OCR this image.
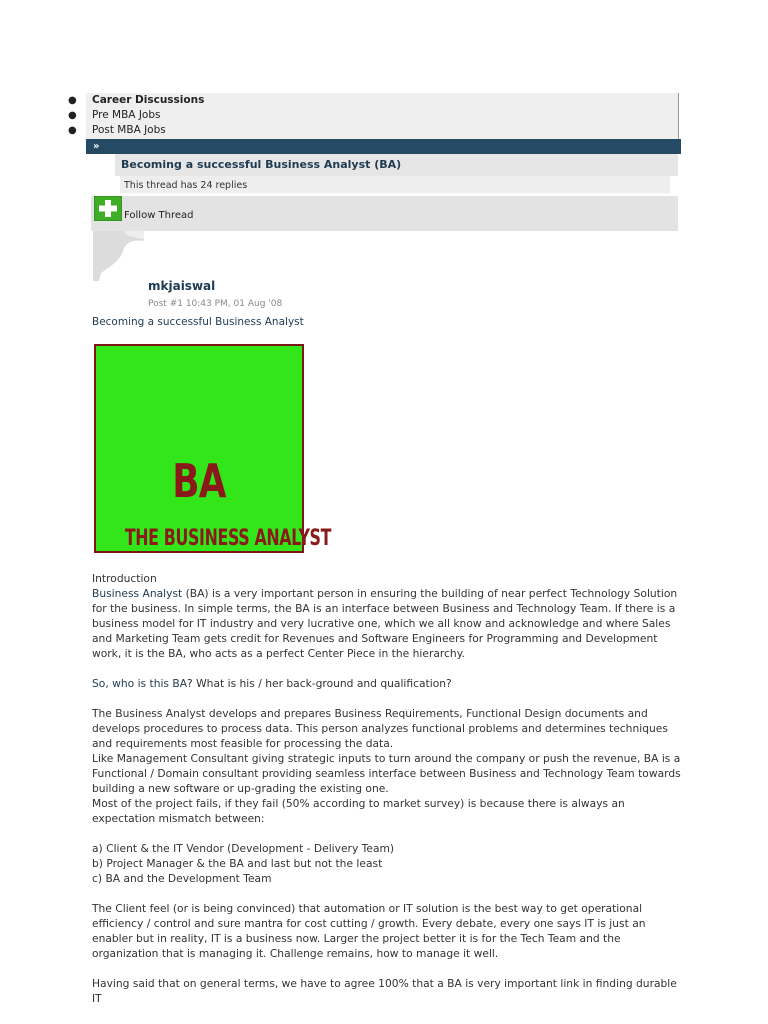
● Career Discussions
● Pre MBA Jobs
● Post MBA Jobs
»
Becoming a successful Business Analyst (BA)
This thread has 24 replies
Follow Thread
mkjaiswal
Post #1 10:43 PM, 01 Aug '08
Becoming a successful Business Analyst
BA
THE BUSINESS ANALYST
Introduction

Business Analyst (BA) is a very important person in ensuring the building of near perfect Technology Solution for the business. In simple terms, the BA is an interface between Business and Technology Team. If there is a business model for IT industry and very lucrative one, which we all know and acknowledge and where Sales and Marketing Team gets credit for Revenues and Software Engineers for Programming and Development work, it is the BA, who acts as a perfect Center Piece in the hierarchy.

So, who is this BA? What is his / her back-ground and qualification?

The Business Analyst develops and prepares Business Requirements, Functional Design documents and develops procedures to process data. This person analyzes functional problems and determines techniques and requirements most feasible for processing the data.
Like Management Consultant giving strategic inputs to turn around the company or push the revenue, BA is a Functional / Domain consultant providing seamless interface between Business and Technology Team towards building a new software or up-grading the existing one.
Most of the project fails, if they fail (50% according to market survey) is because there is always an expectation mismatch between:

a) Client & the IT Vendor (Development - Delivery Team)
b) Project Manager & the BA and last but not the least
c) BA and the Development Team

The Client feel (or is being convinced) that automation or IT solution is the best way to get operational efficiency / control and sure mantra for cost cutting / growth. Every debate, every one says IT is just an enabler but in reality, IT is a business now. Larger the project better it is for the Tech Team and the organization that is managing it. Challenge remains, how to manage it well.

Having said that on general terms, we have to agree 100% that a BA is very important link in finding durable IT
